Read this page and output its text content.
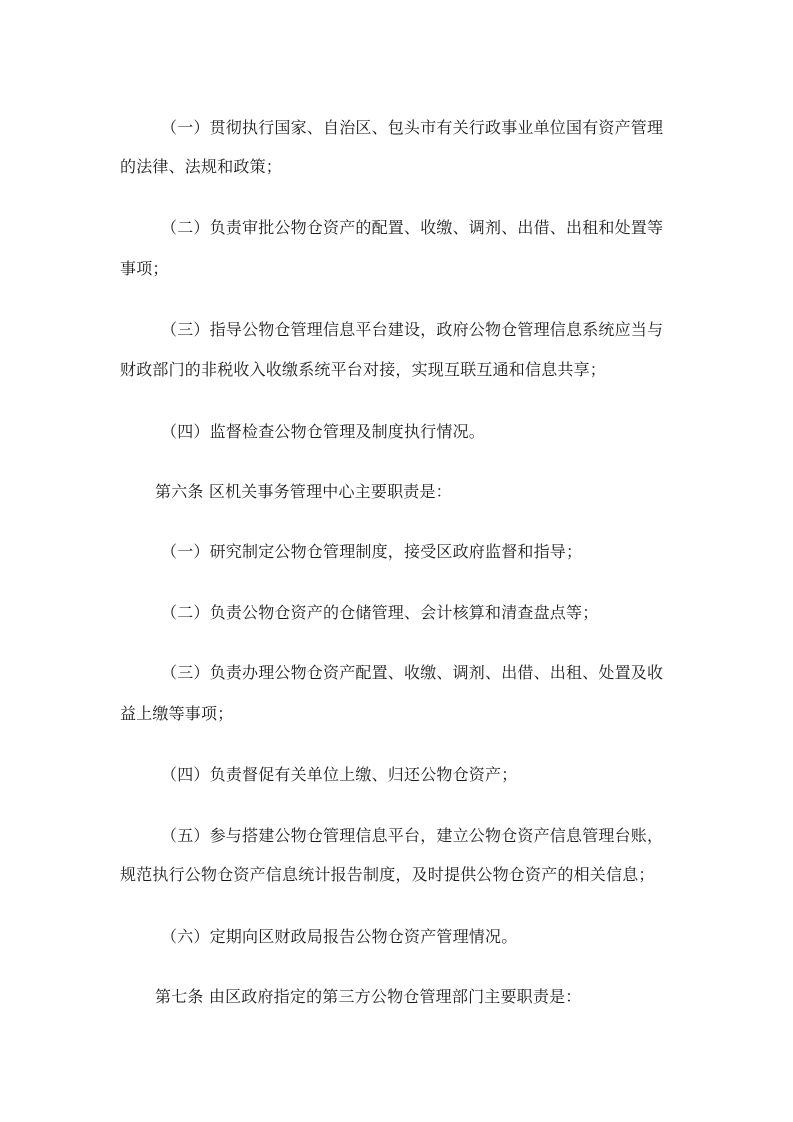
（一）贯彻执行国家、自治区、包头市有关行政事业单位国有资产管理
的法律、法规和政策；
（二）负责审批公物仓资产的配置、收缴、调剂、出借、出租和处置等
事项；
（三）指导公物仓管理信息平台建设，政府公物仓管理信息系统应当与
财政部门的非税收入收缴系统平台对接，实现互联互通和信息共享；
（四）监督检查公物仓管理及制度执行情况。
第六条 区机关事务管理中心主要职责是：
（一）研究制定公物仓管理制度，接受区政府监督和指导；
（二）负责公物仓资产的仓储管理、会计核算和清查盘点等；
（三）负责办理公物仓资产配置、收缴、调剂、出借、出租、处置及收
益上缴等事项；
（四）负责督促有关单位上缴、归还公物仓资产；
（五）参与搭建公物仓管理信息平台，建立公物仓资产信息管理台账，
规范执行公物仓资产信息统计报告制度，及时提供公物仓资产的相关信息；
（六）定期向区财政局报告公物仓资产管理情况。
第七条 由区政府指定的第三方公物仓管理部门主要职责是：
